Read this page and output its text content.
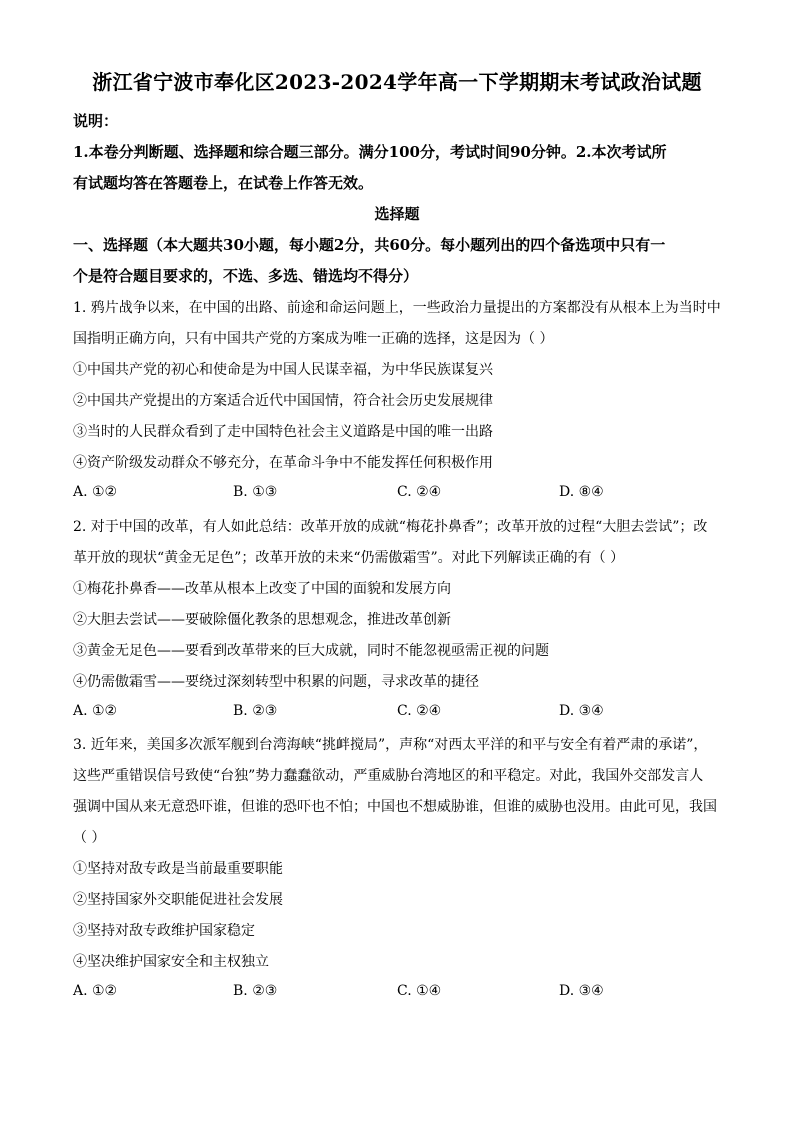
浙江省宁波市奉化区2023-2024学年高一下学期期末考试政治试题
说明：
1.本卷分判断题、选择题和综合题三部分。满分100分，考试时间90分钟。2.本次考试所
有试题均答在答题卷上，在试卷上作答无效。
选择题
一、选择题（本大题共30小题，每小题2分，共60分。每小题列出的四个备选项中只有一
个是符合题目要求的，不选、多选、错选均不得分）
1. 鸦片战争以来，在中国的出路、前途和命运问题上，一些政治力量提出的方案都没有从根本上为当时中
国指明正确方向，只有中国共产党的方案成为唯一正确的选择，这是因为（ ）
①中国共产党的初心和使命是为中国人民谋幸福，为中华民族谋复兴
②中国共产党提出的方案适合近代中国国情，符合社会历史发展规律
③当时的人民群众看到了走中国特色社会主义道路是中国的唯一出路
④资产阶级发动群众不够充分，在革命斗争中不能发挥任何积极作用
A. ①②	B. ①③	C. ②④	D. ⑧④
2. 对于中国的改革，有人如此总结：改革开放的成就“梅花扑鼻香”；改革开放的过程“大胆去尝试”；改
革开放的现状“黄金无足色”；改革开放的未来“仍需傲霜雪”。对此下列解读正确的有（ ）
①梅花扑鼻香——改革从根本上改变了中国的面貌和发展方向
②大胆去尝试——要破除僵化教条的思想观念，推进改革创新
③黄金无足色——要看到改革带来的巨大成就，同时不能忽视亟需正视的问题
④仍需傲霜雪——要绕过深刻转型中积累的问题，寻求改革的捷径
A. ①②	B. ②③	C. ②④	D. ③④
3. 近年来，美国多次派军舰到台湾海峡“挑衅搅局”，声称“对西太平洋的和平与安全有着严肃的承诺”，
这些严重错误信号致使“台独”势力蠢蠢欲动，严重威胁台湾地区的和平稳定。对此，我国外交部发言人
强调中国从来无意恐吓谁，但谁的恐吓也不怕；中国也不想威胁谁，但谁的威胁也没用。由此可见，我国
（ ）
①坚持对敌专政是当前最重要职能
②坚持国家外交职能促进社会发展
③坚持对敌专政维护国家稳定
④坚决维护国家安全和主权独立
A. ①②	B. ②③	C. ①④	D. ③④
